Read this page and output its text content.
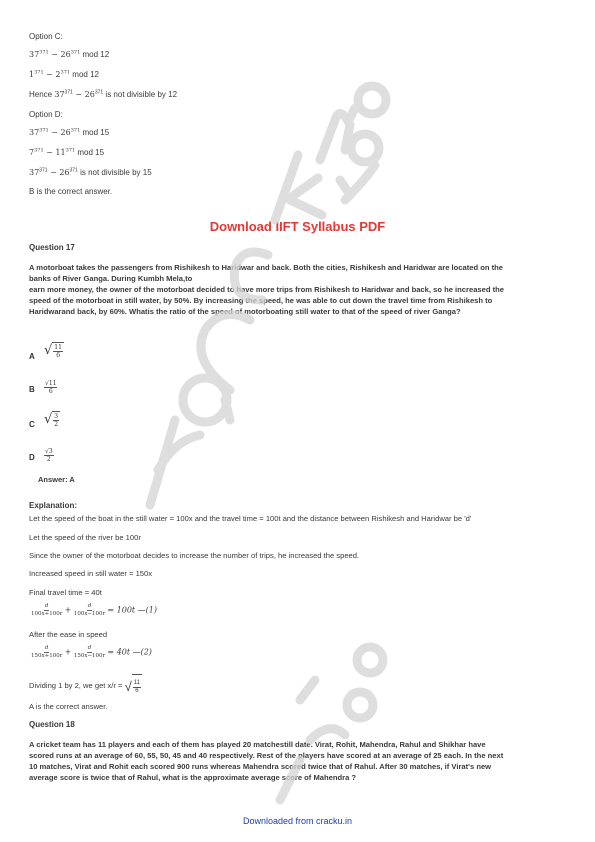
Option C:
$37^{371} - 26^{371}$ mod 12
$1^{371} - 2^{371}$ mod 12
Hence $37^{371} - 26^{371}$ is not divisible by 12
Option D:
$37^{371} - 26^{371}$ mod 15
$7^{371} - 11^{371}$ mod 15
$37^{371} - 26^{371}$ is not divisible by 15
B is the correct answer.
Download IIFT Syllabus PDF
Question 17
A motorboat takes the passengers from Rishikesh to Haridwar and back. Both the cities, Rishikesh and Haridwar are located on the
banks of River Ganga. During Kumbh Mela,to
earn more money, the owner of the motorboat decided to have more trips from Rishikesh to Haridwar and back, so he increased the
speed of the motorboat in still water, by 50%. By increasing the speed, he was able to cut down the travel time from Rishikesh to
Haridwarand back, by 60%. Whatis the ratio of the speed of motorboating still water to that of the speed of river Ganga?
A √ $\frac{11}{6}$
B $\frac{√11}{6}$
C √ $\frac{3}{2}$
D $\frac{√3}{2}$
Answer: A
Explanation:
Let the speed of the boat in the still water = 100x and the travel time = 100t and the distance between Rishikesh and Haridwar be 'd'
Let the speed of the river be 100r
Since the owner of the motorboat decides to increase the number of trips, he increased the speed.
Increased speed in still water = 150x
Final travel time = 40t
$\frac{d}{100x+100r} + \frac{d}{100x-100r} = 100t$ —(1)
After the ease in speed
$\frac{d}{150x+100r} + \frac{d}{150x-100r} = 40t$ —(2)
Dividing 1 by 2, we get x/r = √ $\frac{11}{6}$
A is the correct answer.
Question 18
A cricket team has 11 players and each of them has played 20 matchestill date. Virat, Rohit, Mahendra, Rahul and Shikhar have
scored runs at an average of 60, 55, 50, 45 and 40 respectively. Rest of the players have scored at an average of 25 each. In the next
10 matches, Virat and Rohit each scored 900 runs whereas Mahendra scored twice that of Rahul. After 30 matches, if Virat's new
average score is twice that of Rahul, what is the approximate average score of Mahendra ?
Downloaded from cracku.in
